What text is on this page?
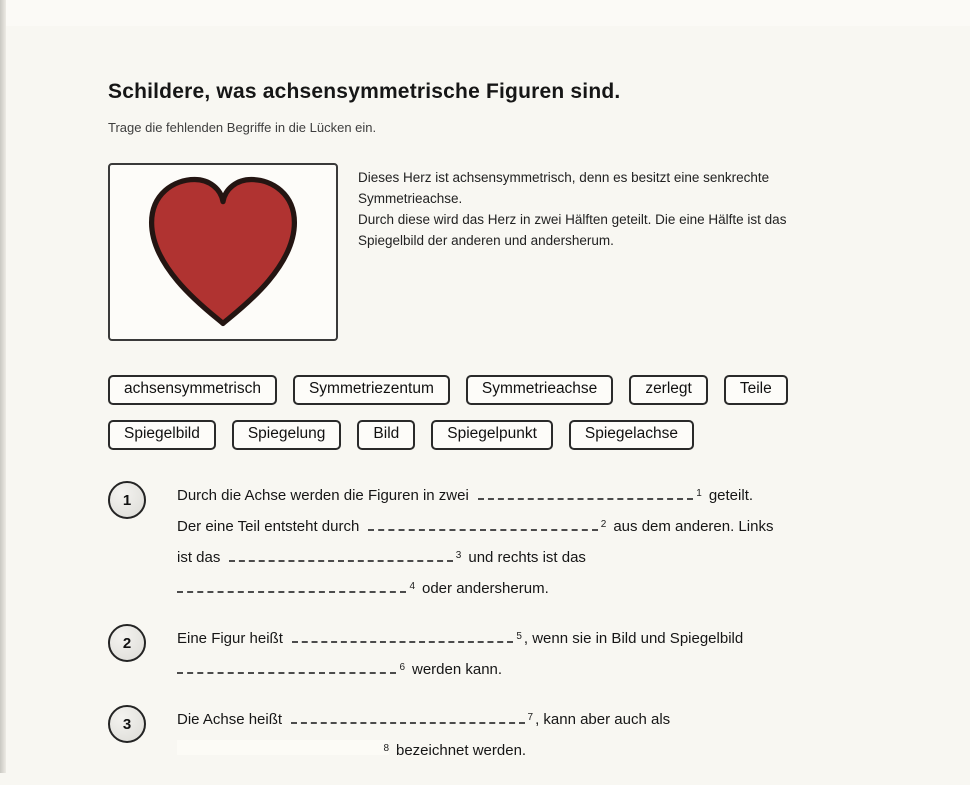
Schildere, was achsensymmetrische Figuren sind.

Trage die fehlenden Begriffe in die Lücken ein.

Dieses Herz ist achsensymmetrisch, denn es besitzt eine senkrechte
Symmetrieachse.
Durch diese wird das Herz in zwei Hälften geteilt. Die eine Hälfte ist das
Spiegelbild der anderen und andersherum.
achsensymmetrisch	Symmetriezentum	Symmetrieachse	zerlegt	Teile
Spiegelbild	Spiegelung	Bild	Spiegelpunkt	Spiegelachse
1	Durch die Achse werden die Figuren in zwei	1 geteilt.
Der eine Teil entsteht durch	2 aus dem anderen. Links
ist das	3 und rechts ist das
4 oder andersherum.
2	Eine Figur heißt	5 , wenn sie in Bild und Spiegelbild
6 werden kann.
3	Die Achse heißt	7 , kann aber auch als
8 bezeichnet werden.
